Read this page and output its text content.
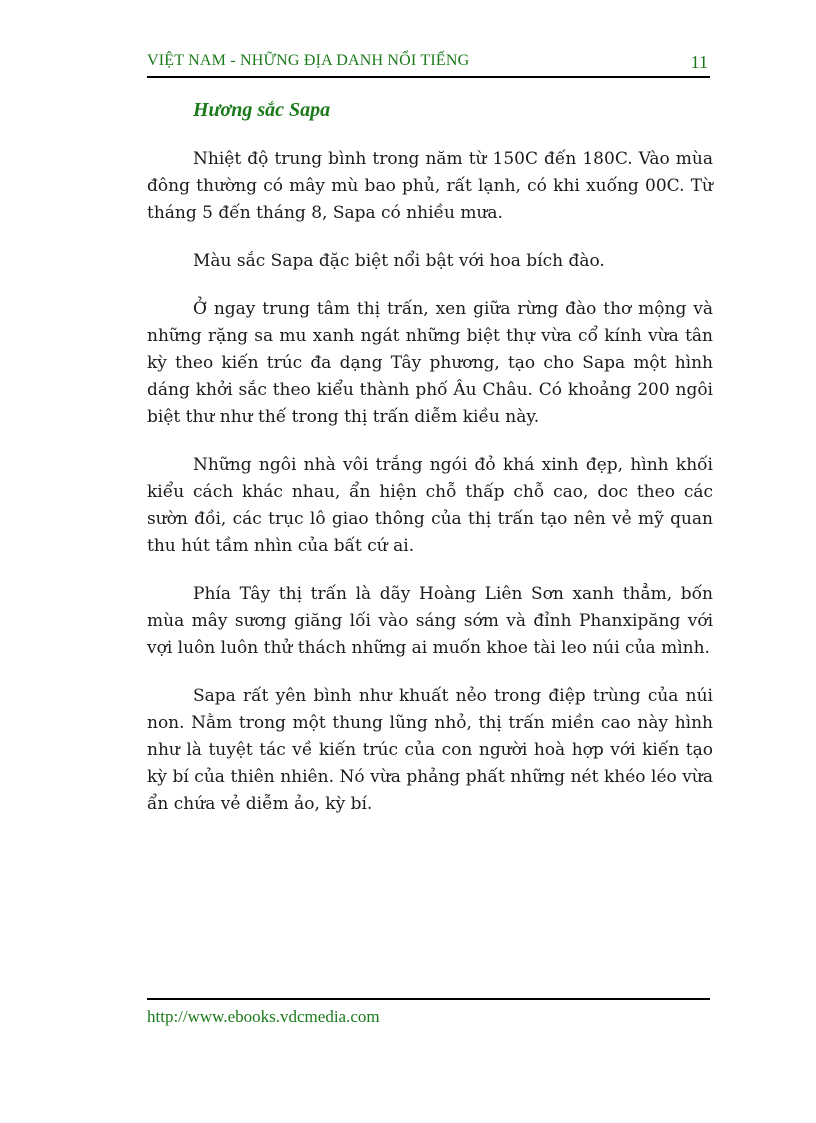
VIỆT NAM - NHỮNG ĐỊA DANH NỔI TIẾNG	11
Hương sắc Sapa

Nhiệt độ trung bình trong năm từ 150C đến 180C. Vào mùa đông thường có mây mù bao phủ, rất lạnh, có khi xuống 00C. Từ tháng 5 đến tháng 8, Sapa có nhiều mưa.

Màu sắc Sapa đặc biệt nổi bật với hoa bích đào.

Ở ngay trung tâm thị trấn, xen giữa rừng đào thơ mộng và những rặng sa mu xanh ngát những biệt thự vừa cổ kính vừa tân kỳ theo kiến trúc đa dạng Tây phương, tạo cho Sapa một hình dáng khởi sắc theo kiểu thành phố Âu Châu. Có khoảng 200 ngôi biệt thư như thế trong thị trấn diễm kiều này.

Những ngôi nhà vôi trắng ngói đỏ khá xinh đẹp, hình khối kiểu cách khác nhau, ẩn hiện chỗ thấp chỗ cao, doc theo các sườn đồi, các trục lô giao thông của thị trấn tạo nên vẻ mỹ quan thu hút tầm nhìn của bất cứ ai.

Phía Tây thị trấn là dãy Hoàng Liên Sơn xanh thẳm, bốn mùa mây sương giăng lối vào sáng sớm và đỉnh Phanxipăng với vợi luôn luôn thử thách những ai muốn khoe tài leo núi của mình.

Sapa rất yên bình như khuất nẻo trong điệp trùng của núi non. Nằm trong một thung lũng nhỏ, thị trấn miền cao này hình như là tuyệt tác về kiến trúc của con người hoà hợp với kiến tạo kỳ bí của thiên nhiên. Nó vừa phảng phất những nét khéo léo vừa ẩn chứa vẻ diễm ảo, kỳ bí.

http://www.ebooks.vdcmedia.com
